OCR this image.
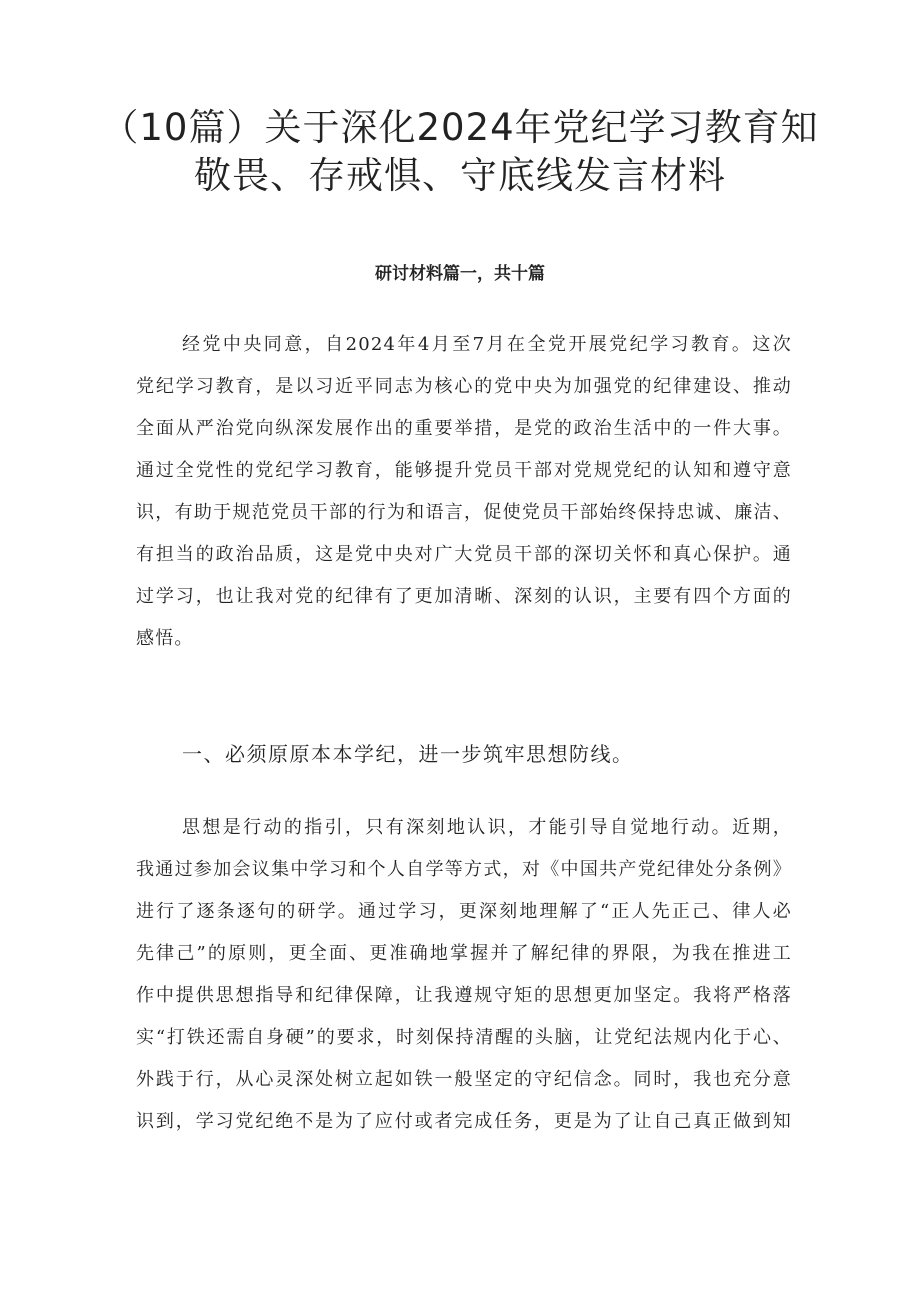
（10篇）关于深化2024年党纪学习教育知
敬畏、存戒惧、守底线发言材料

研讨材料篇一，共十篇

经党中央同意，自2024年4月至7月在全党开展党纪学习教育。这次
党纪学习教育，是以习近平同志为核心的党中央为加强党的纪律建设、推动
全面从严治党向纵深发展作出的重要举措，是党的政治生活中的一件大事。
通过全党性的党纪学习教育，能够提升党员干部对党规党纪的认知和遵守意
识，有助于规范党员干部的行为和语言，促使党员干部始终保持忠诚、廉洁、
有担当的政治品质，这是党中央对广大党员干部的深切关怀和真心保护。通
过学习，也让我对党的纪律有了更加清晰、深刻的认识，主要有四个方面的
感悟。
一、必须原原本本学纪，进一步筑牢思想防线。
思想是行动的指引，只有深刻地认识，才能引导自觉地行动。近期，
我通过参加会议集中学习和个人自学等方式，对《中国共产党纪律处分条例》
进行了逐条逐句的研学。通过学习，更深刻地理解了“正人先正己、律人必
先律己”的原则，更全面、更准确地掌握并了解纪律的界限，为我在推进工
作中提供思想指导和纪律保障，让我遵规守矩的思想更加坚定。我将严格落
实“打铁还需自身硬”的要求，时刻保持清醒的头脑，让党纪法规内化于心、
外践于行，从心灵深处树立起如铁一般坚定的守纪信念。同时，我也充分意
识到，学习党纪绝不是为了应付或者完成任务，更是为了让自己真正做到知
